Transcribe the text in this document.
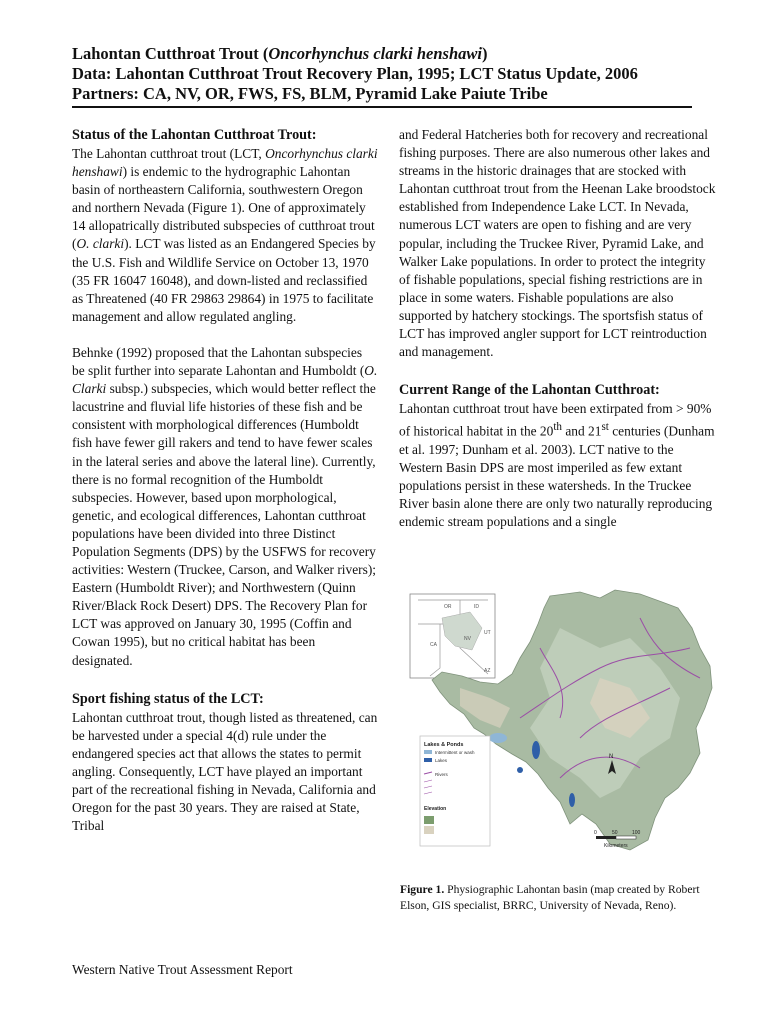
Lahontan Cutthroat Trout (Oncorhynchus clarki henshawi)
Data: Lahontan Cutthroat Trout Recovery Plan, 1995; LCT Status Update, 2006
Partners: CA, NV, OR, FWS, FS, BLM, Pyramid Lake Paiute Tribe
Status of the Lahontan Cutthroat Trout:

The Lahontan cutthroat trout (LCT, Oncorhynchus clarki henshawi) is endemic to the hydrographic Lahontan basin of northeastern California, southwestern Oregon and northern Nevada (Figure 1). One of approximately 14 allopatrically distributed subspecies of cutthroat trout (O. clarki). LCT was listed as an Endangered Species by the U.S. Fish and Wildlife Service on October 13, 1970 (35 FR 16047 16048), and down-listed and reclassified as Threatened (40 FR 29863 29864) in 1975 to facilitate management and allow regulated angling.

Behnke (1992) proposed that the Lahontan subspecies be split further into separate Lahontan and Humboldt (O. Clarki subsp.) subspecies, which would better reflect the lacustrine and fluvial life histories of these fish and be consistent with morphological differences (Humboldt fish have fewer gill rakers and tend to have fewer scales in the lateral series and above the lateral line). Currently, there is no formal recognition of the Humboldt subspecies. However, based upon morphological, genetic, and ecological differences, Lahontan cutthroat populations have been divided into three Distinct Population Segments (DPS) by the USFWS for recovery activities: Western (Truckee, Carson, and Walker rivers); Eastern (Humboldt River); and Northwestern (Quinn River/Black Rock Desert) DPS. The Recovery Plan for LCT was approved on January 30, 1995 (Coffin and Cowan 1995), but no critical habitat has been designated.

Sport fishing status of the LCT:

Lahontan cutthroat trout, though listed as threatened, can be harvested under a special 4(d) rule under the endangered species act that allows the states to permit angling. Consequently, LCT have played an important part of the recreational fishing in Nevada, California and Oregon for the past 30 years. They are raised at State, Tribal

and Federal Hatcheries both for recovery and recreational fishing purposes. There are also numerous other lakes and streams in the historic drainages that are stocked with Lahontan cutthroat trout from the Heenan Lake broodstock established from Independence Lake LCT. In Nevada, numerous LCT waters are open to fishing and are very popular, including the Truckee River, Pyramid Lake, and Walker Lake populations. In order to protect the integrity of fishable populations, special fishing restrictions are in place in some waters. Fishable populations are also supported by hatchery stockings. The sportsfish status of LCT has improved angler support for LCT reintroduction and management.

Current Range of the Lahontan Cutthroat:

Lahontan cutthroat trout have been extirpated from > 90% of historical habitat in the 20th and 21st centuries (Dunham et al. 1997; Dunham et al. 2003). LCT native to the Western Basin DPS are most imperiled as few extant populations persist in these watersheds. In the Truckee River basin alone there are only two naturally reproducing endemic stream populations and a single

OR	ID
NV
UT
CA
AZ
Lakes & Ponds
Intermittent or wash
Lakes
Rivers
Elevation
N
0	50	100
Kilometers
Figure 1. Physiographic Lahontan basin (map created by Robert Elson, GIS specialist, BRRC, University of Nevada, Reno).
Western Native Trout Assessment Report
